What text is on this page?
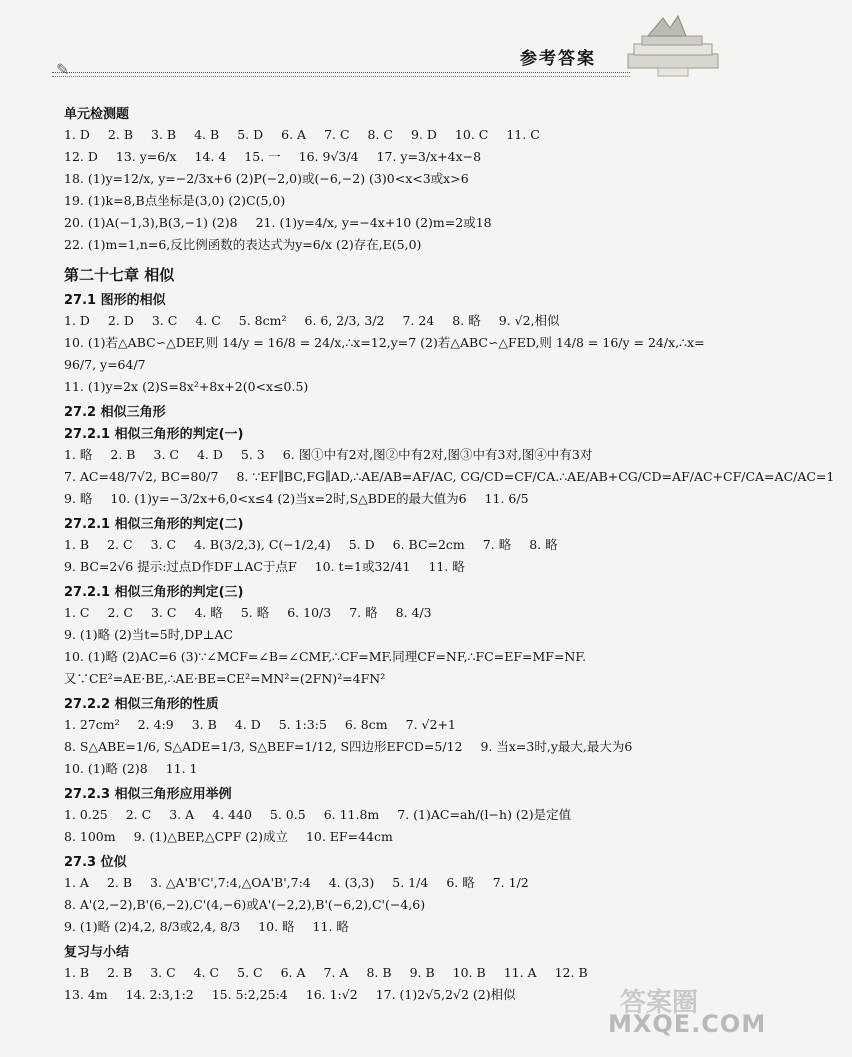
✎
参考答案
单元检测题
1. D 2. B 3. B 4. B 5. D 6. A 7. C 8. C 9. D 10. C 11. C
12. D 13. y=6/x 14. 4 15. 一 16. 9√3/4 17. y=3/x+4x−8
18. (1)y=12/x, y=−2/3x+6 (2)P(−2,0)或(−6,−2) (3)0<x<3或x>6
19. (1)k=8,B点坐标是(3,0) (2)C(5,0)
20. (1)A(−1,3),B(3,−1) (2)8 21. (1)y=4/x, y=−4x+10 (2)m=2或18
22. (1)m=1,n=6,反比例函数的表达式为y=6/x (2)存在,E(5,0)
第二十七章 相似
27.1 图形的相似
1. D 2. D 3. C 4. C 5. 8cm² 6. 6, 2/3, 3/2 7. 24 8. 略 9. √2,相似
10. (1)若△ABC∽△DEF,则 14/y = 16/8 = 24/x,∴x=12,y=7 (2)若△ABC∽△FED,则 14/8 = 16/y = 24/x,∴x=
96/7, y=64/7
11. (1)y=2x (2)S=8x²+8x+2(0<x≤0.5)
27.2 相似三角形
27.2.1 相似三角形的判定(一)
1. 略 2. B 3. C 4. D 5. 3 6. 图①中有2对,图②中有2对,图③中有3对,图④中有3对
7. AC=48/7√2, BC=80/7 8. ∵EF∥BC,FG∥AD,∴AE/AB=AF/AC, CG/CD=CF/CA.∴AE/AB+CG/CD=AF/AC+CF/CA=AC/AC=1
9. 略 10. (1)y=−3/2x+6,0<x≤4 (2)当x=2时,S△BDE的最大值为6 11. 6/5
27.2.1 相似三角形的判定(二)
1. B 2. C 3. C 4. B(3/2,3), C(−1/2,4) 5. D 6. BC=2cm 7. 略 8. 略
9. BC=2√6 提示:过点D作DF⊥AC于点F 10. t=1或32/41 11. 略
27.2.1 相似三角形的判定(三)
1. C 2. C 3. C 4. 略 5. 略 6. 10/3 7. 略 8. 4/3
9. (1)略 (2)当t=5时,DP⊥AC
10. (1)略 (2)AC=6 (3)∵∠MCF=∠B=∠CMF,∴CF=MF.同理CF=NF,∴FC=EF=MF=NF.
又∵CE²=AE·BE,∴AE·BE=CE²=MN²=(2FN)²=4FN²
27.2.2 相似三角形的性质
1. 27cm² 2. 4:9 3. B 4. D 5. 1:3:5 6. 8cm 7. √2+1
8. S△ABE=1/6, S△ADE=1/3, S△BEF=1/12, S四边形EFCD=5/12 9. 当x=3时,y最大,最大为6
10. (1)略 (2)8 11. 1
27.2.3 相似三角形应用举例
1. 0.25 2. C 3. A 4. 440 5. 0.5 6. 11.8m 7. (1)AC=ah/(l−h) (2)是定值
8. 100m 9. (1)△BEP,△CPF (2)成立 10. EF=44cm
27.3 位似
1. A 2. B 3. △A'B'C',7:4,△OA'B',7:4 4. (3,3) 5. 1/4 6. 略 7. 1/2
8. A'(2,−2),B'(6,−2),C'(4,−6)或A'(−2,2),B'(−6,2),C'(−4,6)
9. (1)略 (2)4,2, 8/3或2,4, 8/3 10. 略 11. 略
复习与小结
1. B 2. B 3. C 4. C 5. C 6. A 7. A 8. B 9. B 10. B 11. A 12. B
13. 4m 14. 2:3,1:2 15. 5:2,25:4 16. 1:√2 17. (1)2√5,2√2 (2)相似	答案圈
MXQE.COM
